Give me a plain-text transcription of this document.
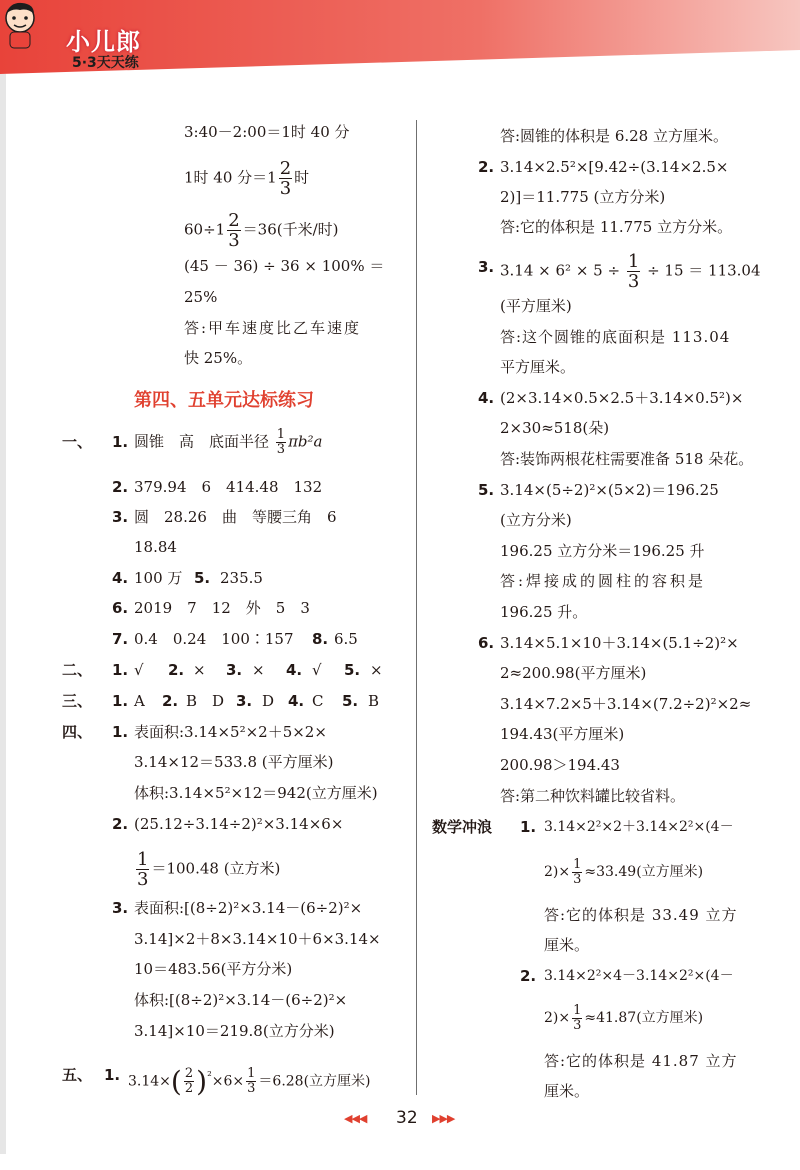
小儿郎
5·3天天练
3:40－2:00＝1时 40 分
1时 40 分$=1 \frac{2}{3}$ 时
$60\div 1 \frac{2}{3} =36$(千米/时)
(45 － 36) ÷ 36 × 100% ＝
25%
答:甲车速度比乙车速度
快 25%。
第四、五单元达标练习
一、 1. 圆锥　高　底面半径 $\frac{1}{3} \pi b^2a$
2. 379.94　6　414.48　132
3. 圆　28.26　曲　等腰三角　6
18.84
4. 100 万 5. 235.5
6. 2019　7　12　外　5　3
7. 0.4　0.24　100∶157 8. 6.5
二、 1. √ 2. × 3. × 4. √ 5. ×
三、 1. A 2. B　D 3. D 4. C 5. B
四、 1. 表面积:3.14×5²×2＋5×2×
3.14×12＝533.8 (平方厘米)
体积:3.14×5²×12＝942(立方厘米)
2. (25.12÷3.14÷2)²×3.14×6×
$\frac{1}{3} =100.48$ (立方米)
3. 表面积:[(8÷2)²×3.14－(6÷2)²×
3.14]×2＋8×3.14×10＋6×3.14×
10＝483.56(平方分米)
体积:[(8÷2)²×3.14－(6÷2)²×
3.14]×10＝219.8(立方分米)
五、 1. $3.14\times( \frac{2}{2} )^{^2}\times 6\times \frac{1}{3} =6.28$(立方厘米)
答:圆锥的体积是 6.28 立方厘米。
2. 3.14×2.5²×[9.42÷(3.14×2.5×
2)]＝11.775 (立方分米)
答:它的体积是 11.775 立方分米。
3. $3.14 \times 6^2 \times 5 \div \frac{1}{3} \div 15 = 113.04$
(平方厘米)
答:这个圆锥的底面积是 113.04
平方厘米。
4. (2×3.14×0.5×2.5＋3.14×0.5²)×
2×30≈518(朵)
答:装饰两根花柱需要准备 518 朵花。
5. 3.14×(5÷2)²×(5×2)＝196.25
(立方分米)
196.25 立方分米＝196.25 升
答:焊接成的圆柱的容积是
196.25 升。
6. 3.14×5.1×10＋3.14×(5.1÷2)²×
2≈200.98(平方厘米)
3.14×7.2×5＋3.14×(7.2÷2)²×2≈
194.43(平方厘米)
200.98＞194.43
答:第二种饮料罐比较省料。
数学冲浪 1. 3.14×2²×2＋3.14×2²×(4－
$2)\times \frac{1}{3} \approx 33.49$(立方厘米)
答:它的体积是 33.49 立方
厘米。
2. 3.14×2²×4－3.14×2²×(4－
$2)\times \frac{1}{3} \approx 41.87$(立方厘米)
答:它的体积是 41.87 立方
厘米。
◀◀◀ 32 ▶▶▶
